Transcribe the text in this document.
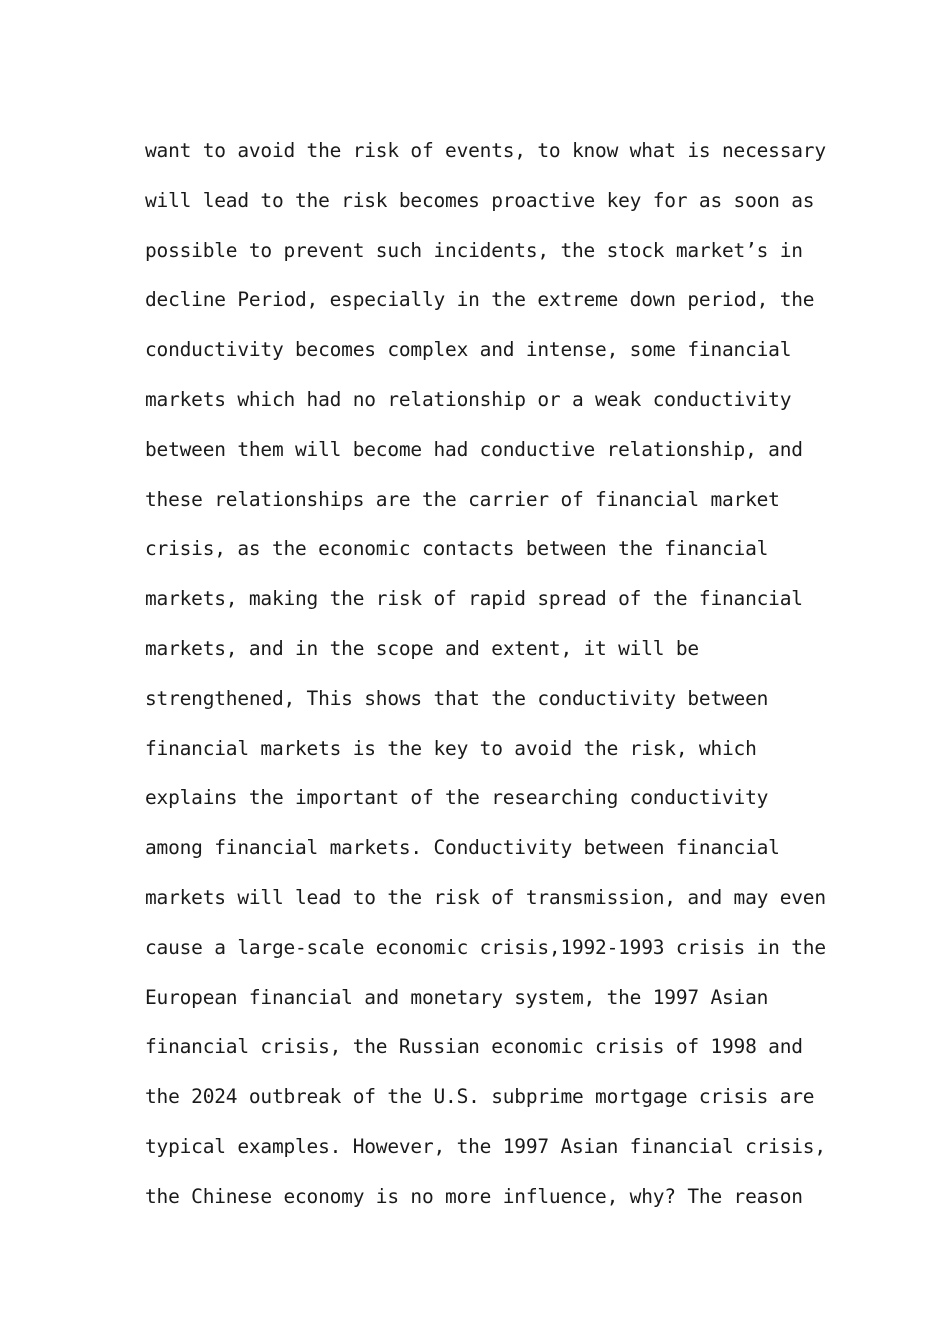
want to avoid the risk of events, to know what is necessary
will lead to the risk becomes proactive key for as soon as
possible to prevent such incidents, the stock market’s in
decline Period, especially in the extreme down period, the
conductivity becomes complex and intense, some financial
markets which had no relationship or a weak conductivity
between them will become had conductive relationship, and
these relationships are the carrier of financial market
crisis, as the economic contacts between the financial
markets, making the risk of rapid spread of the financial
markets, and in the scope and extent, it will be
strengthened, This shows that the conductivity between
financial markets is the key to avoid the risk, which
explains the important of the researching conductivity
among financial markets. Conductivity between financial
markets will lead to the risk of transmission, and may even
cause a large-scale economic crisis,1992-1993 crisis in the
European financial and monetary system, the 1997 Asian
financial crisis, the Russian economic crisis of 1998 and
the 2024 outbreak of the U.S. subprime mortgage crisis are
typical examples. However, the 1997 Asian financial crisis,
the Chinese economy is no more influence, why? The reason
